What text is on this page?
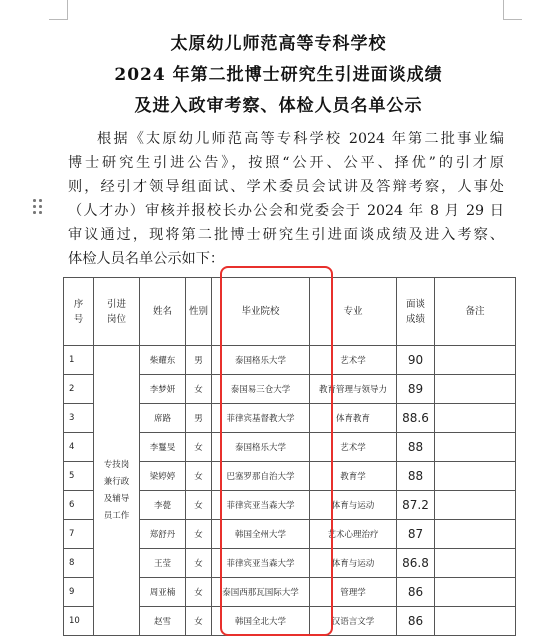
太原幼儿师范高等专科学校
2024 年第二批博士研究生引进面谈成绩
及进入政审考察、体检人员名单公示
根据《太原幼儿师范高等专科学校 2024 年第二批事业编
博士研究生引进公告》，按照“公开、公平、择优”的引才原
则，经引才领导组面试、学术委员会试讲及答辩考察，人事处
（人才办）审核并报校长办公会和党委会于 2024 年 8 月 29 日
审议通过，现将第二批博士研究生引进面谈成绩及进入考察、
体检人员名单公示如下：
序号	引进岗位	姓名	性别	毕业院校	专业	面谈成绩	备注
1	专技岗兼行政及辅导员工作	柴耀东	男	泰国格乐大学	艺术学	90	
2		李梦妍	女	泰国易三仓大学	教育管理与领导力	89	
3		席路	男	菲律宾基督教大学	体育教育	88.6	
4		李鬘旻	女	泰国格乐大学	艺术学	88	
5		梁婷婷	女	巴塞罗那自治大学	教育学	88	
6		李甍	女	菲律宾亚当森大学	体育与运动	87.2	
7		郑舒丹	女	韩国全州大学	艺术心理治疗	87	
8		王莹	女	菲律宾亚当森大学	体育与运动	86.8	
9		周亚楠	女	泰国西那瓦国际大学	管理学	86	
10		赵雪	女	韩国全北大学	汉语言文学	86	
